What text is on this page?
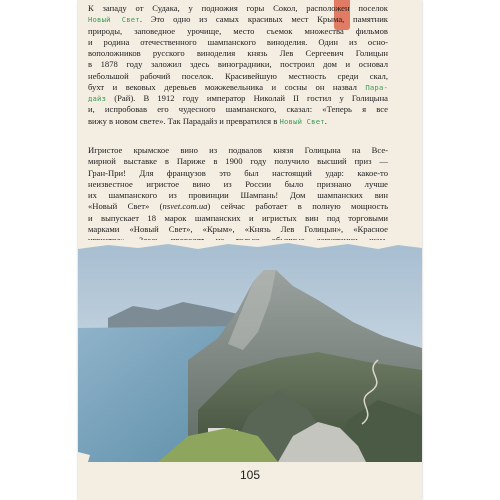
К западу от Судака, у подножия горы Сокол, расположен поселок
Новый Свет. Это одно из самых красивых мест Крыма, памятник
природы, заповедное урочище, место съемок множества фильмов
и родина отечественного шампанского виноделия. Один из осно-
воположников русского виноделия князь Лев Сергеевич Голицын
в 1878 году заложил здесь виноградники, построил дом и основал
небольшой рабочий поселок. Красивейшую местность среди скал,
бухт и вековых деревьев можжевельника и сосны он назвал Пара-
дайз (Рай). В 1912 году император Николай II гостил у Голицына
и, испробовав его чудесного шампанского, сказал: «Теперь я все
вижу в новом свете». Так Парадайз и превратился в Новый Свет.
Игристое крымское вино из подвалов князя Голицына на Все-
мирной выставке в Париже в 1900 году получило высший приз —
Гран-При! Для французов это был настоящий удар: какое-то
неизвестное игристое вино из России было признано лучше
их шампанского из провинции Шампань! Дом шампанских вин
«Новый Свет» (nsvet.com.ua) сейчас работает в полную мощность
и выпускает 18 марок шампанских и игристых вин под торговыми
марками «Новый Свет», «Крым», «Князь Лев Голицын», «Красное
105
